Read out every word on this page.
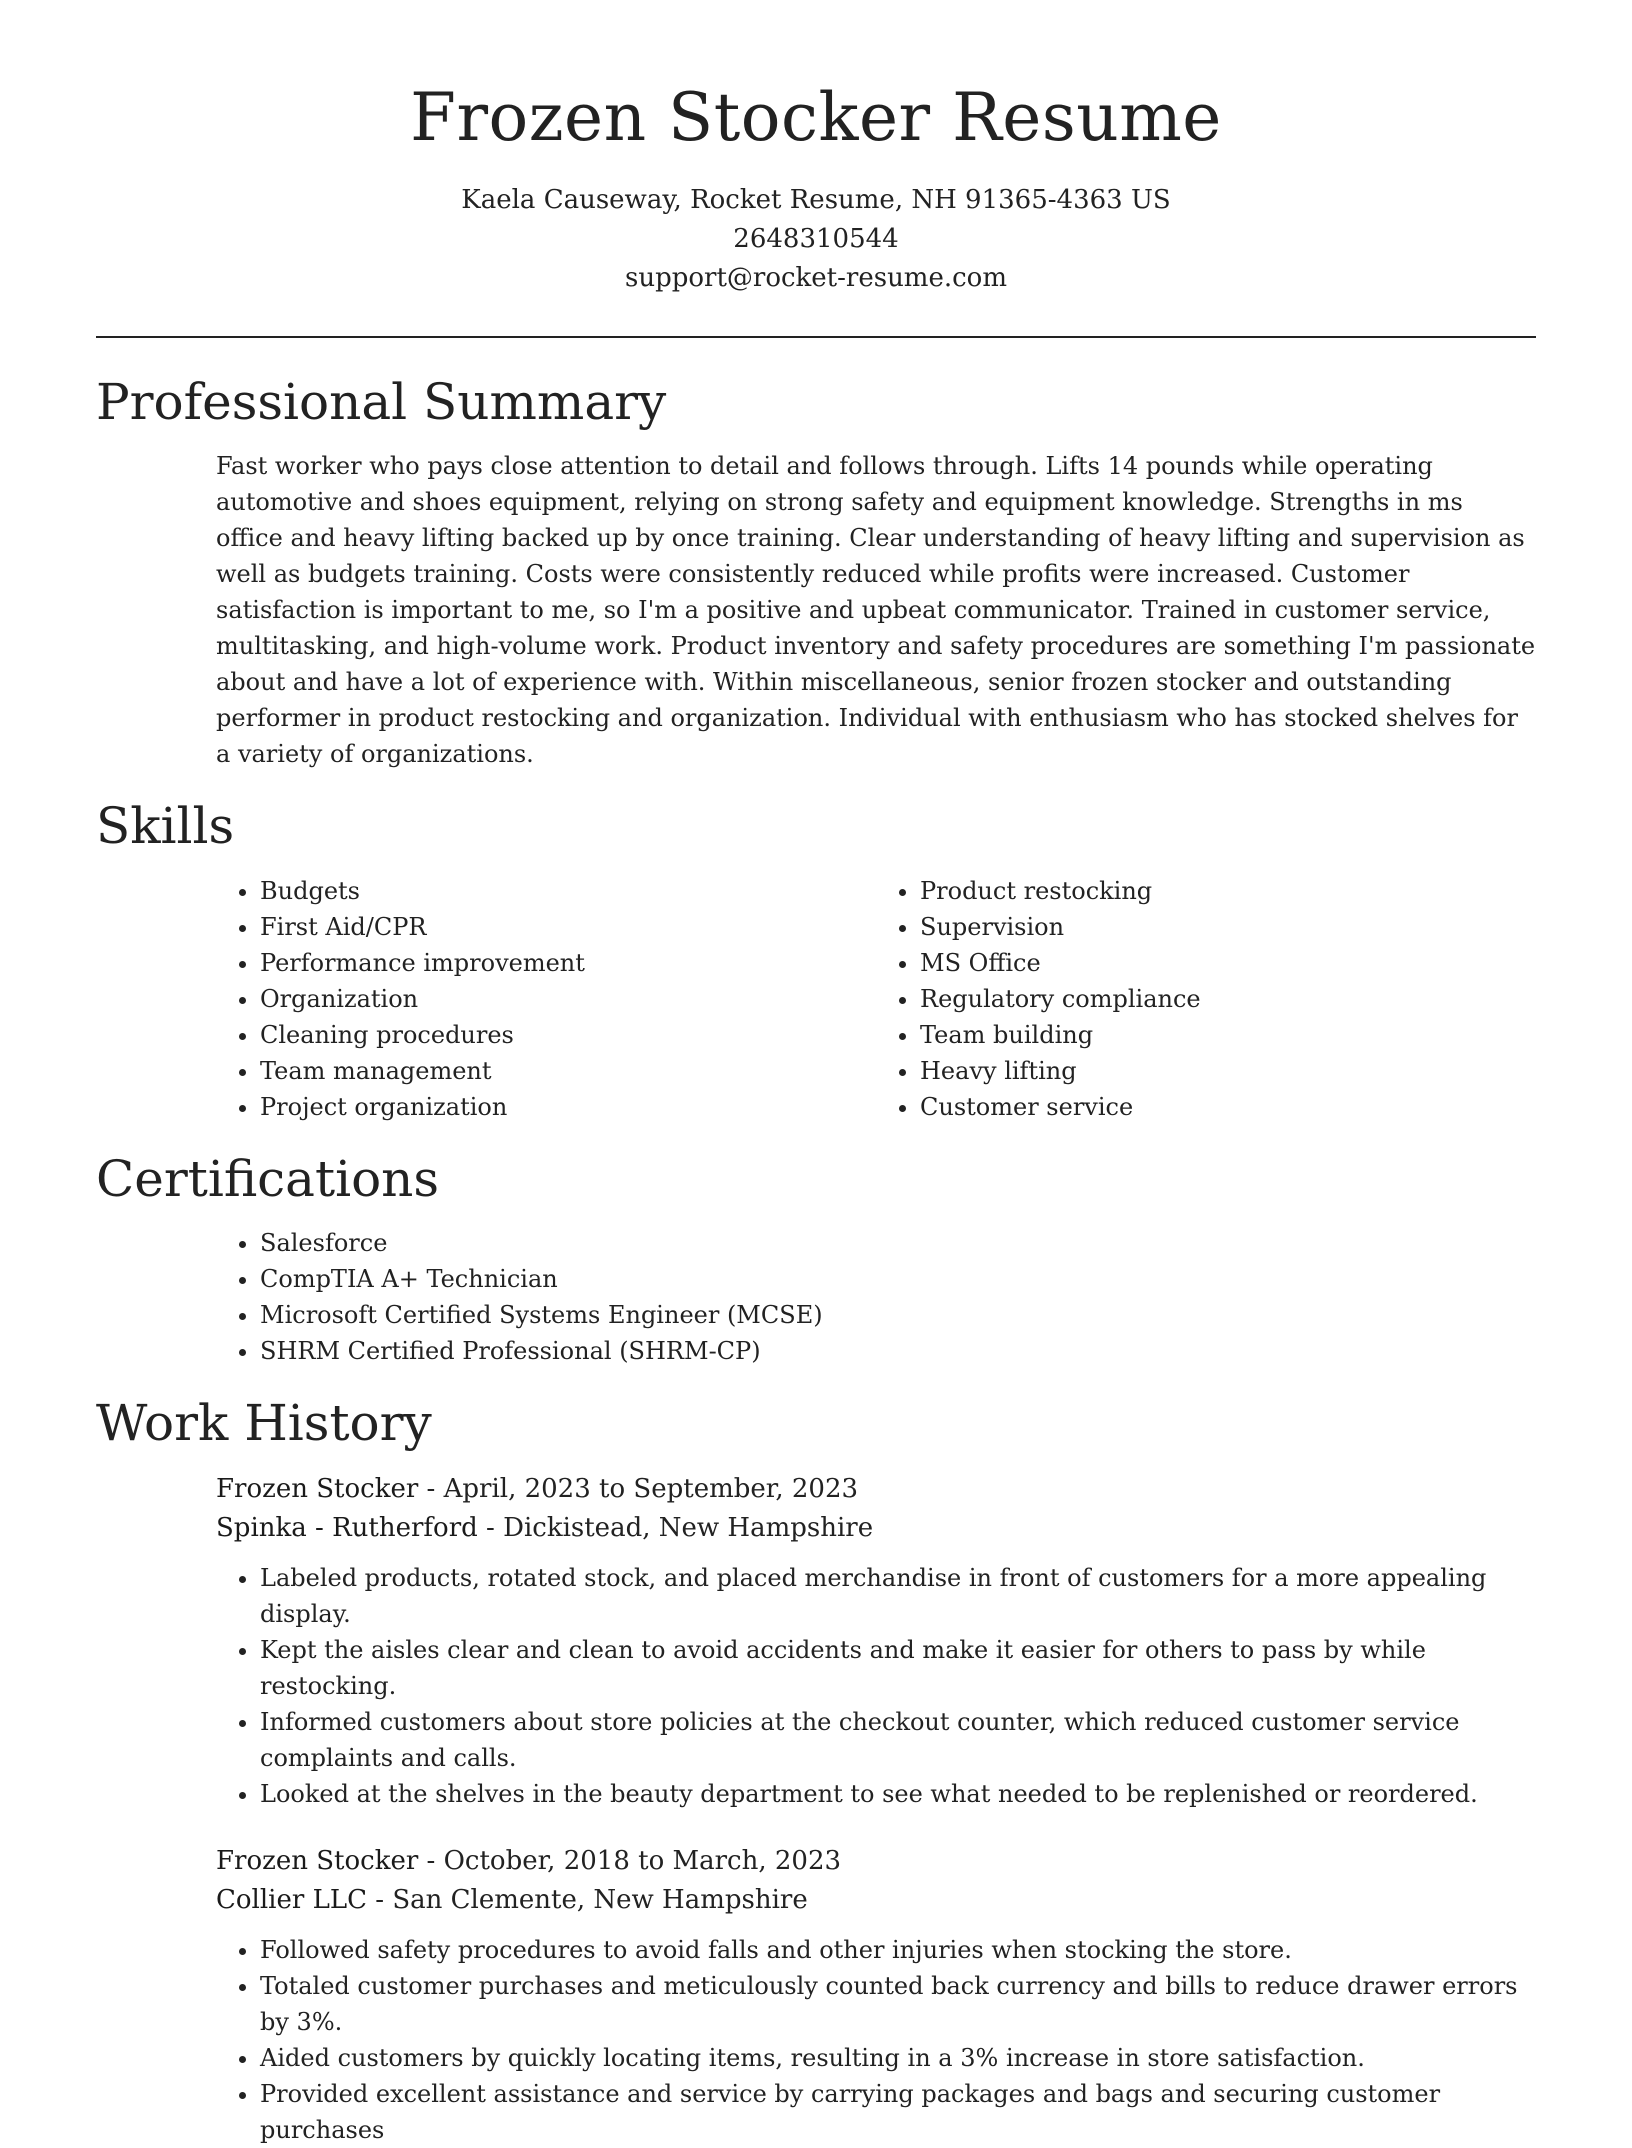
Frozen Stocker Resume
Kaela Causeway, Rocket Resume, NH 91365-4363 US
2648310544
support@rocket-resume.com
Professional Summary

Fast worker who pays close attention to detail and follows through. Lifts 14 pounds while operating automotive and shoes equipment, relying on strong safety and equipment knowledge. Strengths in ms office and heavy lifting backed up by once training. Clear understanding of heavy lifting and supervision as well as budgets training. Costs were consistently reduced while profits were increased. Customer satisfaction is important to me, so I'm a positive and upbeat communicator. Trained in customer service, multitasking, and high-volume work. Product inventory and safety procedures are something I'm passionate about and have a lot of experience with. Within miscellaneous, senior frozen stocker and outstanding performer in product restocking and organization. Individual with enthusiasm who has stocked shelves for a variety of organizations.

Skills
• Budgets
• First Aid/CPR
• Performance improvement
• Organization
• Cleaning procedures
• Team management
• Project organization
• Product restocking
• Supervision
• MS Office
• Regulatory compliance
• Team building
• Heavy lifting
• Customer service
Certifications
• Salesforce
• CompTIA A+ Technician
• Microsoft Certified Systems Engineer (MCSE)
• SHRM Certified Professional (SHRM-CP)
Work History
Frozen Stocker - April, 2023 to September, 2023
Spinka - Rutherford - Dickistead, New Hampshire
• Labeled products, rotated stock, and placed merchandise in front of customers for a more appealing display.
• Kept the aisles clear and clean to avoid accidents and make it easier for others to pass by while restocking.
• Informed customers about store policies at the checkout counter, which reduced customer service complaints and calls.
• Looked at the shelves in the beauty department to see what needed to be replenished or reordered.
Frozen Stocker - October, 2018 to March, 2023
Collier LLC - San Clemente, New Hampshire
• Followed safety procedures to avoid falls and other injuries when stocking the store.
• Totaled customer purchases and meticulously counted back currency and bills to reduce drawer errors by 3%.
• Aided customers by quickly locating items, resulting in a 3% increase in store satisfaction.
• Provided excellent assistance and service by carrying packages and bags and securing customer purchases
